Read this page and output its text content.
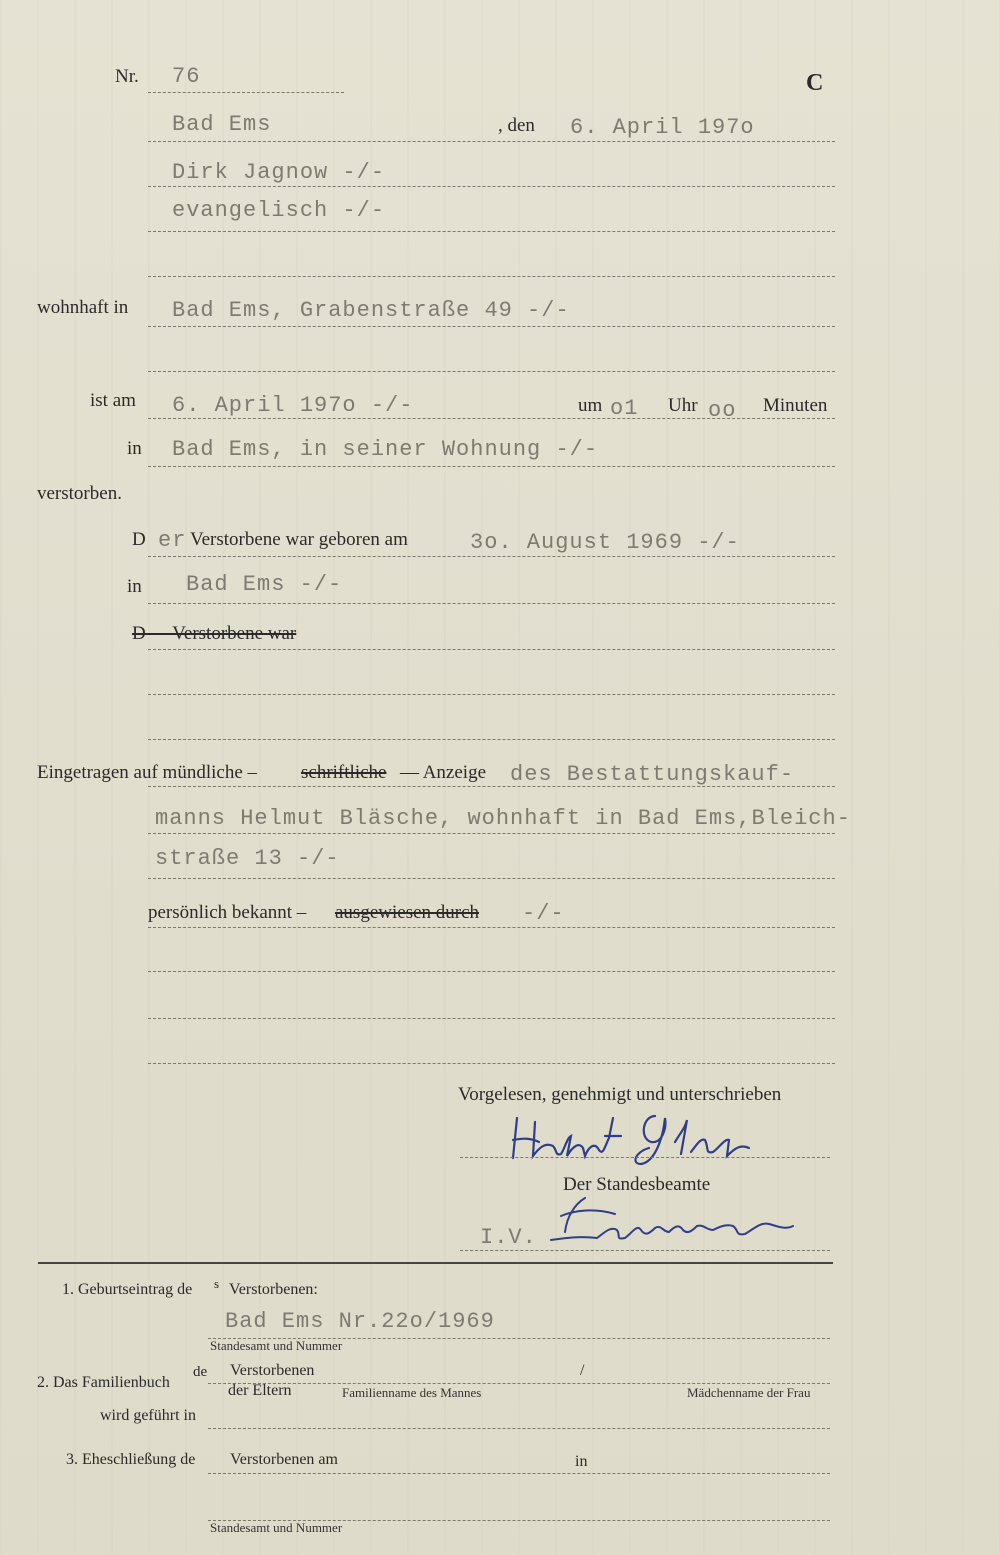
Nr. 76	C
Bad Ems	, den 6. April 197o
Dirk Jagnow -/-
evangelisch -/-
wohnhaft in Bad Ems, Grabenstraße 49 -/-
ist am 6. April 197o -/-	um o1 Uhr oo Minuten
in Bad Ems, in seiner Wohnung -/-
verstorben.
D er Verstorbene war geboren am	3o. August 1969 -/-
in Bad Ems -/-
D - - Verstorbene war
Eingetragen auf mündliche – schriftliche — Anzeige des Bestattungskauf-
manns Helmut Bläsche, wohnhaft in Bad Ems,Bleich-
straße 13 -/-
persönlich bekannt – ausgewiesen durch -/-
Vorgelesen, genehmigt und unterschrieben
Der Standesbeamte
I.V.
1. Geburtseintrag de s Verstorbenen:
Bad Ems Nr.22o/1969
Standesamt und Nummer
2. Das Familienbuch
de Verstorbenen	/
der Eltern	Familienname des Mannes	Mädchenname der Frau
wird geführt in
3. Eheschließung de Verstorbenen am	in
Standesamt und Nummer
